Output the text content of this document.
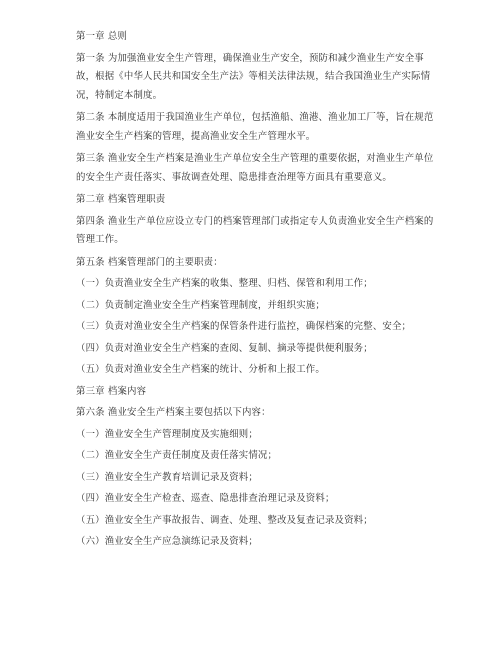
第一章 总则

第一条 为加强渔业安全生产管理，确保渔业生产安全，预防和减少渔业生产安全事故，根据《中华人民共和国安全生产法》等相关法律法规，结合我国渔业生产实际情况，特制定本制度。

第二条 本制度适用于我国渔业生产单位，包括渔船、渔港、渔业加工厂等，旨在规范渔业安全生产档案的管理，提高渔业安全生产管理水平。

第三条 渔业安全生产档案是渔业生产单位安全生产管理的重要依据，对渔业生产单位的安全生产责任落实、事故调查处理、隐患排查治理等方面具有重要意义。

第二章 档案管理职责

第四条 渔业生产单位应设立专门的档案管理部门或指定专人负责渔业安全生产档案的管理工作。

第五条 档案管理部门的主要职责：

（一）负责渔业安全生产档案的收集、整理、归档、保管和利用工作；

（二）负责制定渔业安全生产档案管理制度，并组织实施；

（三）负责对渔业安全生产档案的保管条件进行监控，确保档案的完整、安全；

（四）负责对渔业安全生产档案的查阅、复制、摘录等提供便利服务；

（五）负责对渔业安全生产档案的统计、分析和上报工作。

第三章 档案内容

第六条 渔业安全生产档案主要包括以下内容：

（一）渔业安全生产管理制度及实施细则；

（二）渔业安全生产责任制度及责任落实情况；

（三）渔业安全生产教育培训记录及资料；

（四）渔业安全生产检查、巡查、隐患排查治理记录及资料；

（五）渔业安全生产事故报告、调查、处理、整改及复查记录及资料；

（六）渔业安全生产应急演练记录及资料；
